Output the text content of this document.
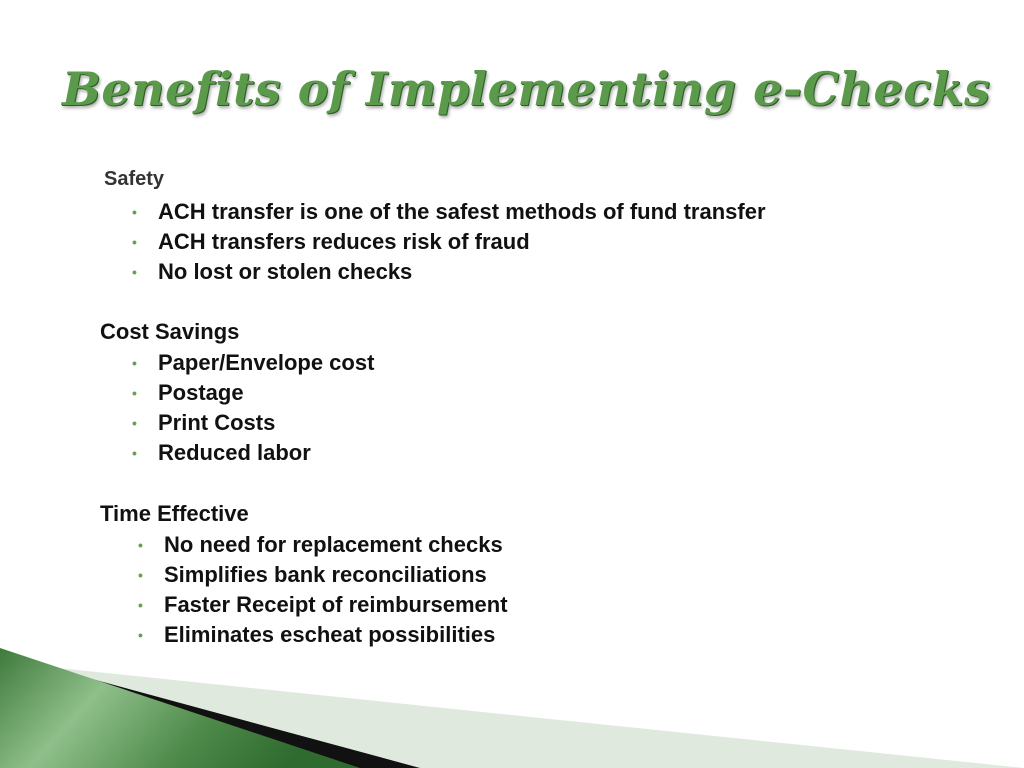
Benefits of Implementing e-Checks
Safety
• ACH transfer is one of the safest methods of fund transfer
• ACH transfers reduces risk of fraud
• No lost or stolen checks
Cost Savings
• Paper/Envelope cost
• Postage
• Print Costs
• Reduced labor
Time Effective
• No need for replacement checks
• Simplifies bank reconciliations
• Faster Receipt of reimbursement
• Eliminates escheat possibilities
